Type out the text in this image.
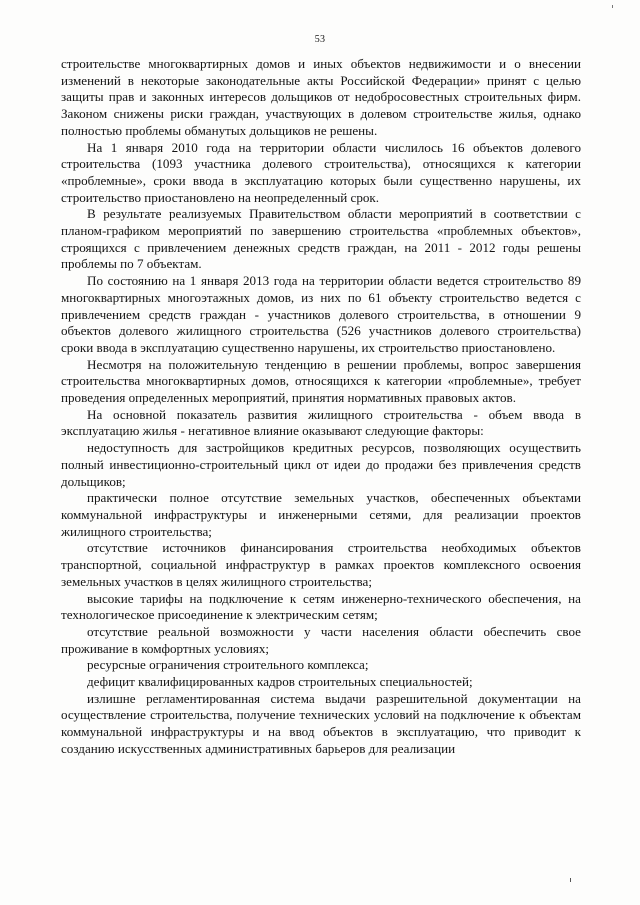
53

строительстве многоквартирных домов и иных объектов недвижимости и о внесении изменений в некоторые законодательные акты Российской Федерации» принят с целью защиты прав и законных интересов дольщиков от недобросовестных строительных фирм. Законом снижены риски граждан, участвующих в долевом строительстве жилья, однако полностью проблемы обманутых дольщиков не решены.

На 1 января 2010 года на территории области числилось 16 объектов долевого строительства (1093 участника долевого строительства), относящихся к категории «проблемные», сроки ввода в эксплуатацию которых были существенно нарушены, их строительство приостановлено на неопределенный срок.

В результате реализуемых Правительством области мероприятий в соответствии с планом-графиком мероприятий по завершению строительства «проблемных объектов», строящихся с привлечением денежных средств граждан, на 2011 - 2012 годы решены проблемы по 7 объектам.

По состоянию на 1 января 2013 года на территории области ведется строительство 89 многоквартирных многоэтажных домов, из них по 61 объекту строительство ведется с привлечением средств граждан - участников долевого строительства, в отношении 9 объектов долевого жилищного строительства (526 участников долевого строительства) сроки ввода в эксплуатацию существенно нарушены, их строительство приостановлено.

Несмотря на положительную тенденцию в решении проблемы, вопрос завершения строительства многоквартирных домов, относящихся к категории «проблемные», требует проведения определенных мероприятий, принятия нормативных правовых актов.

На основной показатель развития жилищного строительства - объем ввода в эксплуатацию жилья - негативное влияние оказывают следующие факторы:

недоступность для застройщиков кредитных ресурсов, позволяющих осуществить полный инвестиционно-строительный цикл от идеи до продажи без привлечения средств дольщиков;

практически полное отсутствие земельных участков, обеспеченных объектами коммунальной инфраструктуры и инженерными сетями, для реализации проектов жилищного строительства;

отсутствие источников финансирования строительства необходимых объектов транспортной, социальной инфраструктур в рамках проектов комплексного освоения земельных участков в целях жилищного строительства;

высокие тарифы на подключение к сетям инженерно-технического обеспечения, на технологическое присоединение к электрическим сетям;

отсутствие реальной возможности у части населения области обеспечить свое проживание в комфортных условиях;

ресурсные ограничения строительного комплекса;

дефицит квалифицированных кадров строительных специальностей;

излишне регламентированная система выдачи разрешительной документации на осуществление строительства, получение технических условий на подключение к объектам коммунальной инфраструктуры и на ввод объектов в эксплуатацию, что приводит к созданию искусственных административных барьеров для реализации
